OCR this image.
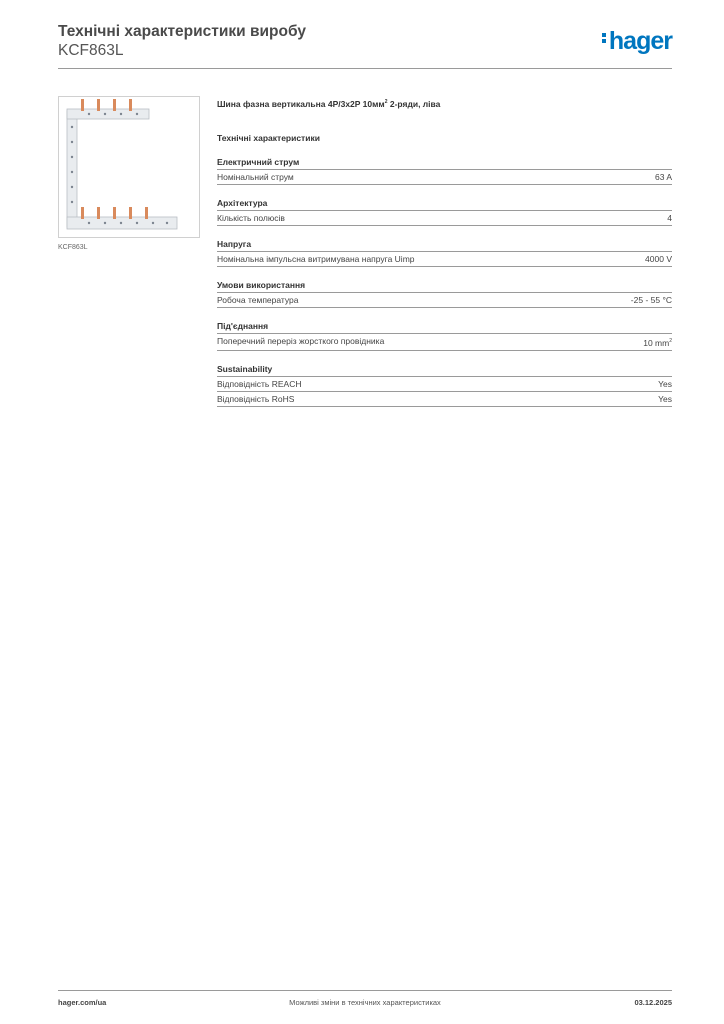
Технічні характеристики виробу
KCF863L	hager
KCF863L
Шина фазна вертикальна 4P/3x2P $10мм^2$ 2-ряди, ліва
Технічні характеристики
Електричний струм
Номінальний струм	63 A
Архітектура
Кількість полюсів	4
Напруга
Номінальна імпульсна витримувана напруга Uimp	4000 V
Умови використання
Робоча температура	-25 - 55 °C
Під'єднання
Поперечний переріз жорсткого провідника	10 $mm^2$
Sustainability
Відповідність REACH	Yes
Відповідність RoHS	Yes
hager.com/ua	Можливі зміни в технічних характеристиках	03.12.2025
